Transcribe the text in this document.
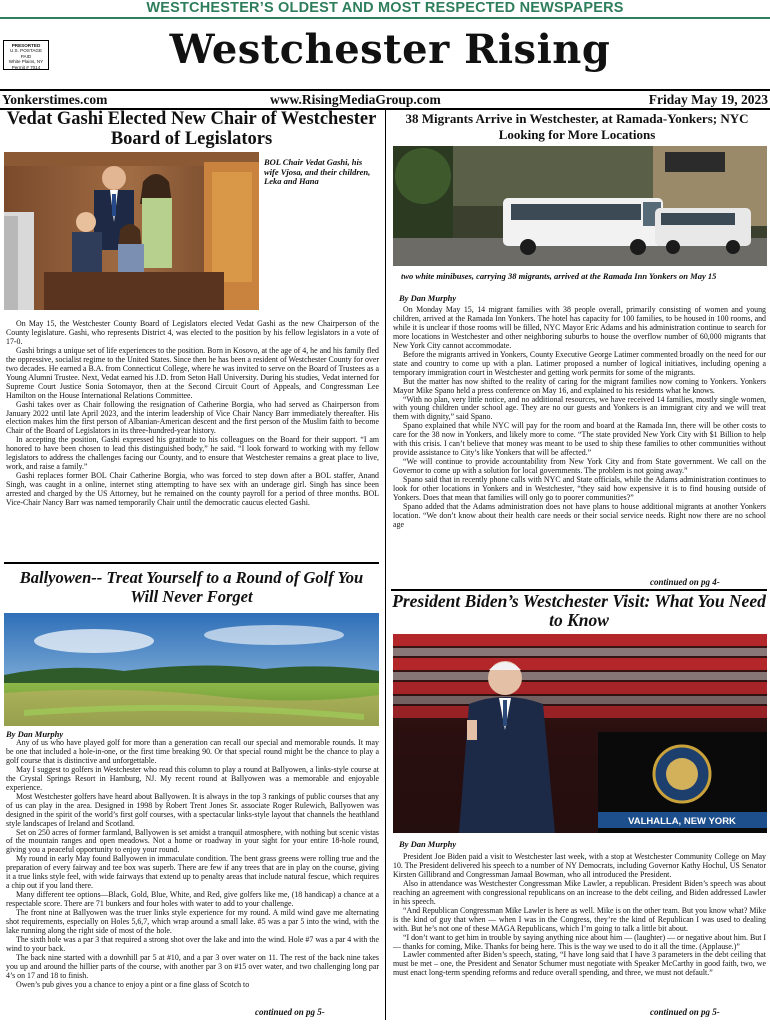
WESTCHESTER’S OLDEST AND MOST RESPECTED NEWSPAPERS
PRESORTED
U.S. POSTAGE
PAID
White Plains, NY
Permit # 7014	Westchester Rising
Yonkerstimes.com	www.RisingMediaGroup.com	Friday May 19, 2023
Vedat Gashi Elected New Chair of Westchester Board of Legislators
BOL Chair Vedat Gashi, his wife Vjosa, and their children, Leka and Hana

On May 15, the Westchester County Board of Legislators elected Vedat Gashi as the new Chairperson of the County legislature. Gashi, who represents District 4, was elected to the position by his fellow legislators in a vote of 17-0.

Gashi brings a unique set of life experiences to the position. Born in Kosovo, at the age of 4, he and his family fled the oppressive, socialist regime to the United States. Since then he has been a resident of Westchester County for over two decades. He earned a B.A. from Connecticut College, where he was invited to serve on the Board of Trustees as a Young Alumni Trustee. Next, Vedat earned his J.D. from Seton Hall University. During his studies, Vedat interned for Supreme Court Justice Sonia Sotomayor, then at the Second Circuit Court of Appeals, and Congressman Lee Hamilton on the House International Relations Committee.

Gashi takes over as Chair following the resignation of Catherine Borgia, who had served as Chairperson from January 2022 until late April 2023, and the interim leadership of Vice Chair Nancy Barr immediately thereafter. His election makes him the first person of Albanian-American descent and the first person of the Muslim faith to become Chair of the Board of Legislators in its three-hundred-year history.

In accepting the position, Gashi expressed his gratitude to his colleagues on the Board for their support. “I am honored to have been chosen to lead this distinguished body,” he said. “I look forward to working with my fellow legislators to address the challenges facing our County, and to ensure that Westchester remains a great place to live, work, and raise a family.”

Gashi replaces former BOL Chair Catherine Borgia, who was forced to step down after a BOL staffer, Anand Singh, was caught in a online, internet sting attempting to have sex with an underage girl. Singh has since been arrested and charged by the US Attorney, but he remained on the county payroll for a period of three months. BOL Vice-Chair Nancy Barr was named temporarily Chair until the democratic caucus elected Gashi.

Ballyowen-- Treat Yourself to a Round of Golf You Will Never Forget
By Dan Murphy

Any of us who have played golf for more than a generation can recall our special and memorable rounds. It may be one that included a hole-in-one, or the first time breaking 90. Or that special round might be the chance to play a golf course that is distinctive and unforgettable.

May I suggest to golfers in Westchester who read this column to play a round at Ballyowen, a links-style course at the Crystal Springs Resort in Hamburg, NJ. My recent round at Ballyowen was a memorable and enjoyable experience.

Most Westchester golfers have heard about Ballyowen. It is always in the top 3 rankings of public courses that any of us can play in the area. Designed in 1998 by Robert Trent Jones Sr. associate Roger Rulewich, Ballyowen was designed in the spirit of the world’s first golf courses, with a spectacular links-style layout that channels the heathland style landscapes of Ireland and Scotland.

Set on 250 acres of former farmland, Ballyowen is set amidst a tranquil atmosphere, with nothing but scenic vistas of the mountain ranges and open meadows. Not a home or roadway in your sight for your entire 18-hole round, giving you a peaceful opportunity to enjoy your round.

My round in early May found Ballyowen in immaculate condition. The bent grass greens were rolling true and the preparation of every fairway and tee box was superb. There are few if any trees that are in play on the course, giving it a true links style feel, with wide fairways that extend up to penalty areas that include natural fescue, which requires a chip out if you land there.

Many different tee options—Black, Gold, Blue, White, and Red, give golfers like me, (18 handicap) a chance at a respectable score. There are 71 bunkers and four holes with water to add to your challenge.

The front nine at Ballyowen was the truer links style experience for my round. A mild wind gave me alternating shot requirements, especially on Holes 5,6,7, which wrap around a small lake. #5 was a par 5 into the wind, with the lake running along the right side of most of the hole.

The sixth hole was a par 3 that required a strong shot over the lake and into the wind. Hole #7 was a par 4 with the wind to your back.

The back nine started with a downhill par 5 at #10, and a par 3 over water on 11. The rest of the back nine takes you up and around the hillier parts of the course, with another par 3 on #15 over water, and two challenging long par 4’s on 17 and 18 to finish.

Owen’s pub gives you a chance to enjoy a pint or a fine glass of Scotch to

continued on pg 5-
38 Migrants Arrive in Westchester, at Ramada-Yonkers; NYC Looking for More Locations
two white minibuses, carrying 38 migrants, arrived at the Ramada Inn Yonkers on May 15
By Dan Murphy

On Monday May 15, 14 migrant families with 38 people overall, primarily consisting of women and young children, arrived at the Ramada Inn Yonkers. The hotel has capacity for 100 families, to be housed in 100 rooms, and while it is unclear if those rooms will be filled, NYC Mayor Eric Adams and his administration continue to search for more locations in Westchester and other neighboring suburbs to house the overflow number of 60,000 migrants that New York City cannot accommodate.

Before the migrants arrived in Yonkers, County Executive George Latimer commented broadly on the need for our state and country to come up with a plan. Latimer proposed a number of logical initiatives, including opening a temporary immigration court in Westchester and getting work permits for some of the migrants.

But the matter has now shifted to the reality of caring for the migrant families now coming to Yonkers. Yonkers Mayor Mike Spano held a press conference on May 16, and explained to his residents what he knows.

“With no plan, very little notice, and no additional resources, we have received 14 families, mostly single women, with young children under school age. They are no our guests and Yonkers is an immigrant city and we will treat them with dignity,” said Spano.

Spano explained that while NYC will pay for the room and board at the Ramada Inn, there will be other costs to care for the 38 now in Yonkers, and likely more to come. “The state provided New York City with $1 Billion to help with this crisis. I can’t believe that money was meant to be used to ship these families to other communities without provide assistance to City’s like Yonkers that will be affected.”

“We will continue to provide accountability from New York City and from State government. We call on the Governor to come up with a solution for local governments. The problem is not going away.”

Spano said that in recently phone calls with NYC and State officials, while the Adams administration continues to look for other locations in Yonkers and in Westchester, “they said how expensive it is to find housing outside of Yonkers. Does that mean that families will only go to poorer communities?”

Spano added that the Adams administration does not have plans to house additional migrants at another Yonkers location. “We don’t know about their health care needs or their social service needs. Right now there are no school age

continued on pg 4-
President Biden’s Westchester Visit: What You Need to Know
VALHALLA, NEW YORK
By Dan Murphy

President Joe Biden paid a visit to Westchester last week, with a stop at Westchester Community College on May 10. The President delivered his speech to a number of NY Democrats, including Governor Kathy Hochul, US Senator Kirsten Gillibrand and Congressman Jamaal Bowman, who all introduced the President.

Also in attendance was Westchester Congressman Mike Lawler, a republican. President Biden’s speech was about reaching an agreement with congressional republicans on an increase to the debt ceiling, and Biden addressed Lawler in his speech.

“And Republican Congressman Mike Lawler is here as well. Mike is on the other team. But you know what? Mike is the kind of guy that when — when I was in the Congress, they’re the kind of Republican I was used to dealing with. But he’s not one of these MAGA Republicans, which I’m going to talk a little bit about.

“I don’t want to get him in trouble by saying anything nice about him — (laughter) — or negative about him. But I — thanks for coming, Mike. Thanks for being here. This is the way we used to do it all the time. (Applause.)”

Lawler commented after Biden’s speech, stating, “I have long said that I have 3 parameters in the debt ceiling that must be met – one, the President and Senator Schumer must negotiate with Speaker McCarthy in good faith, two, we must enact long-term spending reforms and reduce overall spending, and three, we must not default.”

continued on pg 5-
